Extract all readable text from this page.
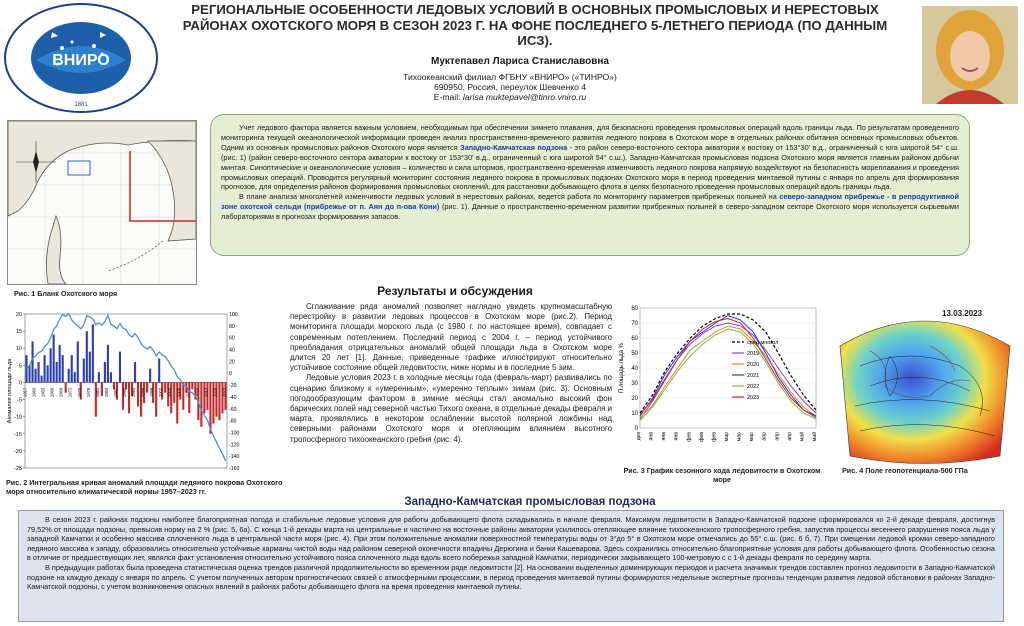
ВНИРО
1881
РЕГИОНАЛЬНЫЕ ОСОБЕННОСТИ ЛЕДОВЫХ УСЛОВИЙ В ОСНОВНЫХ ПРОМЫСЛОВЫХ И НЕРЕСТОВЫХ РАЙОНАХ ОХОТСКОГО МОРЯ В СЕЗОН 2023 Г. НА ФОНЕ ПОСЛЕДНЕГО 5-ЛЕТНЕГО ПЕРИОДА (ПО ДАННЫМ ИСЗ).
Муктепавел Лариса Станиславовна
Тихоокеанский филиал ФГБНУ «ВНИРО» («ТИНРО»)
690950, Россия, переулок Шевченко 4
E-mail: larisa muktepavel@tinro.vniro.ru
Рис. 1 Бланк Охотского моря

Учет ледового фактора является важным условием, необходимым при обеспечении зимнего плавания, для безопасного проведения промысловых операций вдоль границы льда. По результатам проведенного мониторинга текущей океанологической информации проведен анализ пространственно-временного развития ледяного покрова в Охотском море в отдельных районах обитания основных промысловых объектов. Одним из основных промысловых районов Охотского моря является Западно-Камчатская подзона - это район северо-восточного сектора акватории к востоку от 153°30' в.д., ограниченный с юга широтой 54° с.ш. (рис. 1) (район северо-восточного сектора акватории к востоку от 153°30' в.д., ограниченный с юга широтой 54° с.ш.). Западно-Камчатская промысловая подзона Охотского моря является главным районом добычи минтая. Синоптические и океанологические условия – количество и сила штормов, пространственно-временная изменчивость ледяного покрова напрямую воздействуют на безопасность мореплавания и проведения промысловых операций. Проводится регулярный мониторинг состояния ледяного покрова в промысловых подзонах Охотского моря в период проведения минтаевой путины с января по апрель для формирования прогнозов, для определения районов формирования промысловых скоплений, для расстановки добывающего флота в целях безопасного проведения промысловых операций вдоль границы льда.

В плане анализа многолетней изменчивости ледовых условий в нерестовых районах, ведется работа по мониторингу параметров прибрежных полыней на северо-западном прибрежье - в репродуктивной зоне охотской сельди (прибрежье от п. Аян до п-ова Кони) (рис. 1). Данные о пространственно-временном развитии прибрежных полыней в северо-западном секторе Охотского моря используется сырьевыми лабораториями в прогнозах формирования запасов.

Результаты и обсуждения
20
15
10
5
0
-5
-10
-15
-20
-25
100
80
60
40
20
0
-20
-40
-60
-80
-100
-120
-140
-160
1957 1960 1963 1966 1969 1972 1975 1978 1981 1984 1987 1990 1993 1996 1999 2002 2005 2008 2011 2014 2017 2020 2023
Аномалия площади льда
Рис. 2 Интегральная кривая аномалий площади ледяного покрова Охотского моря относительно климатической нормы 1957–2023 гг.

Сглаживание ряда аномалий позволяет наглядно увидеть крупномасштабную перестройку в развитии ледовых процессов в Охотском море (рис.2). Период мониторинга площади морского льда (с 1980 г. по настоящее время), совпадает с современным потеплением. Последний период с 2004 г. – период устойчивого преобладания отрицательных аномалий общей площади льда в Охотском море длится 20 лет [1]. Данные, приведенные графике иллюстрируют относительно устойчивое состояние общей ледовитости, ниже нормы и в последние 5 зим.

Ледовые условия 2023 г. в холодные месяцы года (февраль-март) развивались по сценарию близкому к «умеренным», «умеренно теплым» зимам (рис. 3). Основным погодообразующим фактором в зимние месяцы стал аномально высокий фон барических полей над северной частью Тихого океана, в отдельные декады февраля и марта, проявлялись в некотором ослаблении высотой полярной ложбины над северными районами Охотского моря и отепляющим влиянием высотного тропосферного тихоокеанского гребня (рис. 4).

0
10
20
30
40
50
60
70
80
дек янв янв янв фев фев фев мар мар мар апр апр апр май май
сред.многол
2019
2020
2021
2022
2023
П.лощадь льда %
Рис. 3 График сезонного хода ледовитости в Охотском море
13.03.2023
Рис. 4 Поле геопотенциала-500 ГПа
Западно-Камчатская промысловая подзона

В сезон 2023 г. районах подзоны наиболее благоприятная погода и стабильные ледовые условия для работы добывающего флота складывались в начале февраля. Максимум ледовитости в Западно-Камчатской подзоне сформировался ко 2-й декаде февраля, достигнув 79,52% от площади подзоны, превысив норму на 2 % (рис. 5, 6а). С конца 1-й декады марта на центральные и частично на восточные районы акватории усилилось отепляющее влияние тихоокеанского тропосферного гребня, запустив процессы весеннего разрушения пояса льда у западной Камчатки и особенно массива сплоченного льда в центральной части моря (рис. 4). При этом положительные аномалии поверхностной температуры воды от 3°до 5° в Охотском море отмечались до 55° с.ш. (рис. 6 б, 7). При смещении ледовой кромки северо-западного ледяного массива к западу, образовались относительно устойчивые карманы чистой воды над районом северной оконечности впадины Дерюгина и банки Кашеварова. Здесь сохранились относительно благоприятные условия для работы добывающего флота. Особенностью сезона в отличие от предшествующих лет, являлся факт установления относительно устойчивого пояса сплоченного льда вдоль всего побережья западной Камчатки, периодически закрывающего 100-метровую с с 1-й декады февраля по середину марта.

В предыдущих работах была проведена статистическая оценка трендов различной продолжительности во временном ряде ледовитости [2]. На основании выделенных доминирующих периодов и расчета значимых трендов составлен прогноз ледовитости в Западно-Камчатской подзоне на каждую декаду с января по апрель. С учетом полученных автором прогностических связей с атмосферными процессами, в период проведения минтаевой путины формируются недельные экспертные прогнозы тенденции развития ледовой обстановки в районах Западно-Камчатской подзоны, с учетом возникновения опасных явлений в районах работы добывающего флота на время проведения минтаевой путины.
